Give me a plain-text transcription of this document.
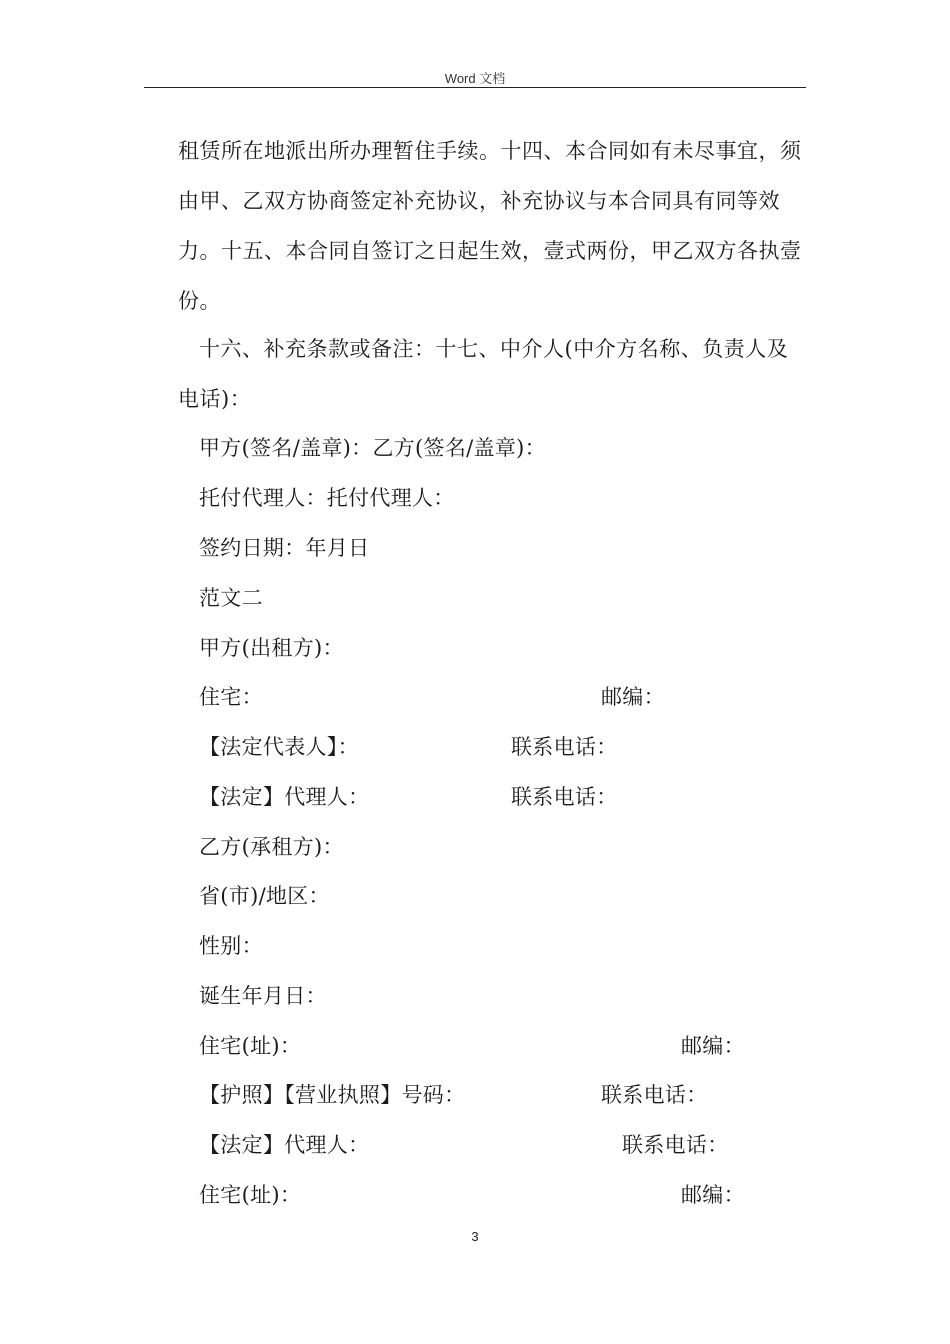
Word 文档

租赁所在地派出所办理暂住手续。十四、本合同如有未尽事宜，须由甲、乙双方协商签定补充协议，补充协议与本合同具有同等效力。十五、本合同自签订之日起生效，壹式两份，甲乙双方各执壹份。

十六、补充条款或备注：十七、中介人(中介方名称、负责人及电话)：

甲方(签名/盖章)：乙方(签名/盖章)：
托付代理人：托付代理人：
签约日期：年月日
范文二
甲方(出租方)：
住宅：	邮编：
【法定代表人】：	联系电话：
【法定】代理人：	联系电话：
乙方(承租方)：
省(市)/地区：
性别：
诞生年月日：
住宅(址)：	邮编：
【护照】【营业执照】号码：	联系电话：
【法定】代理人：	联系电话：
住宅(址)：	邮编：
3
